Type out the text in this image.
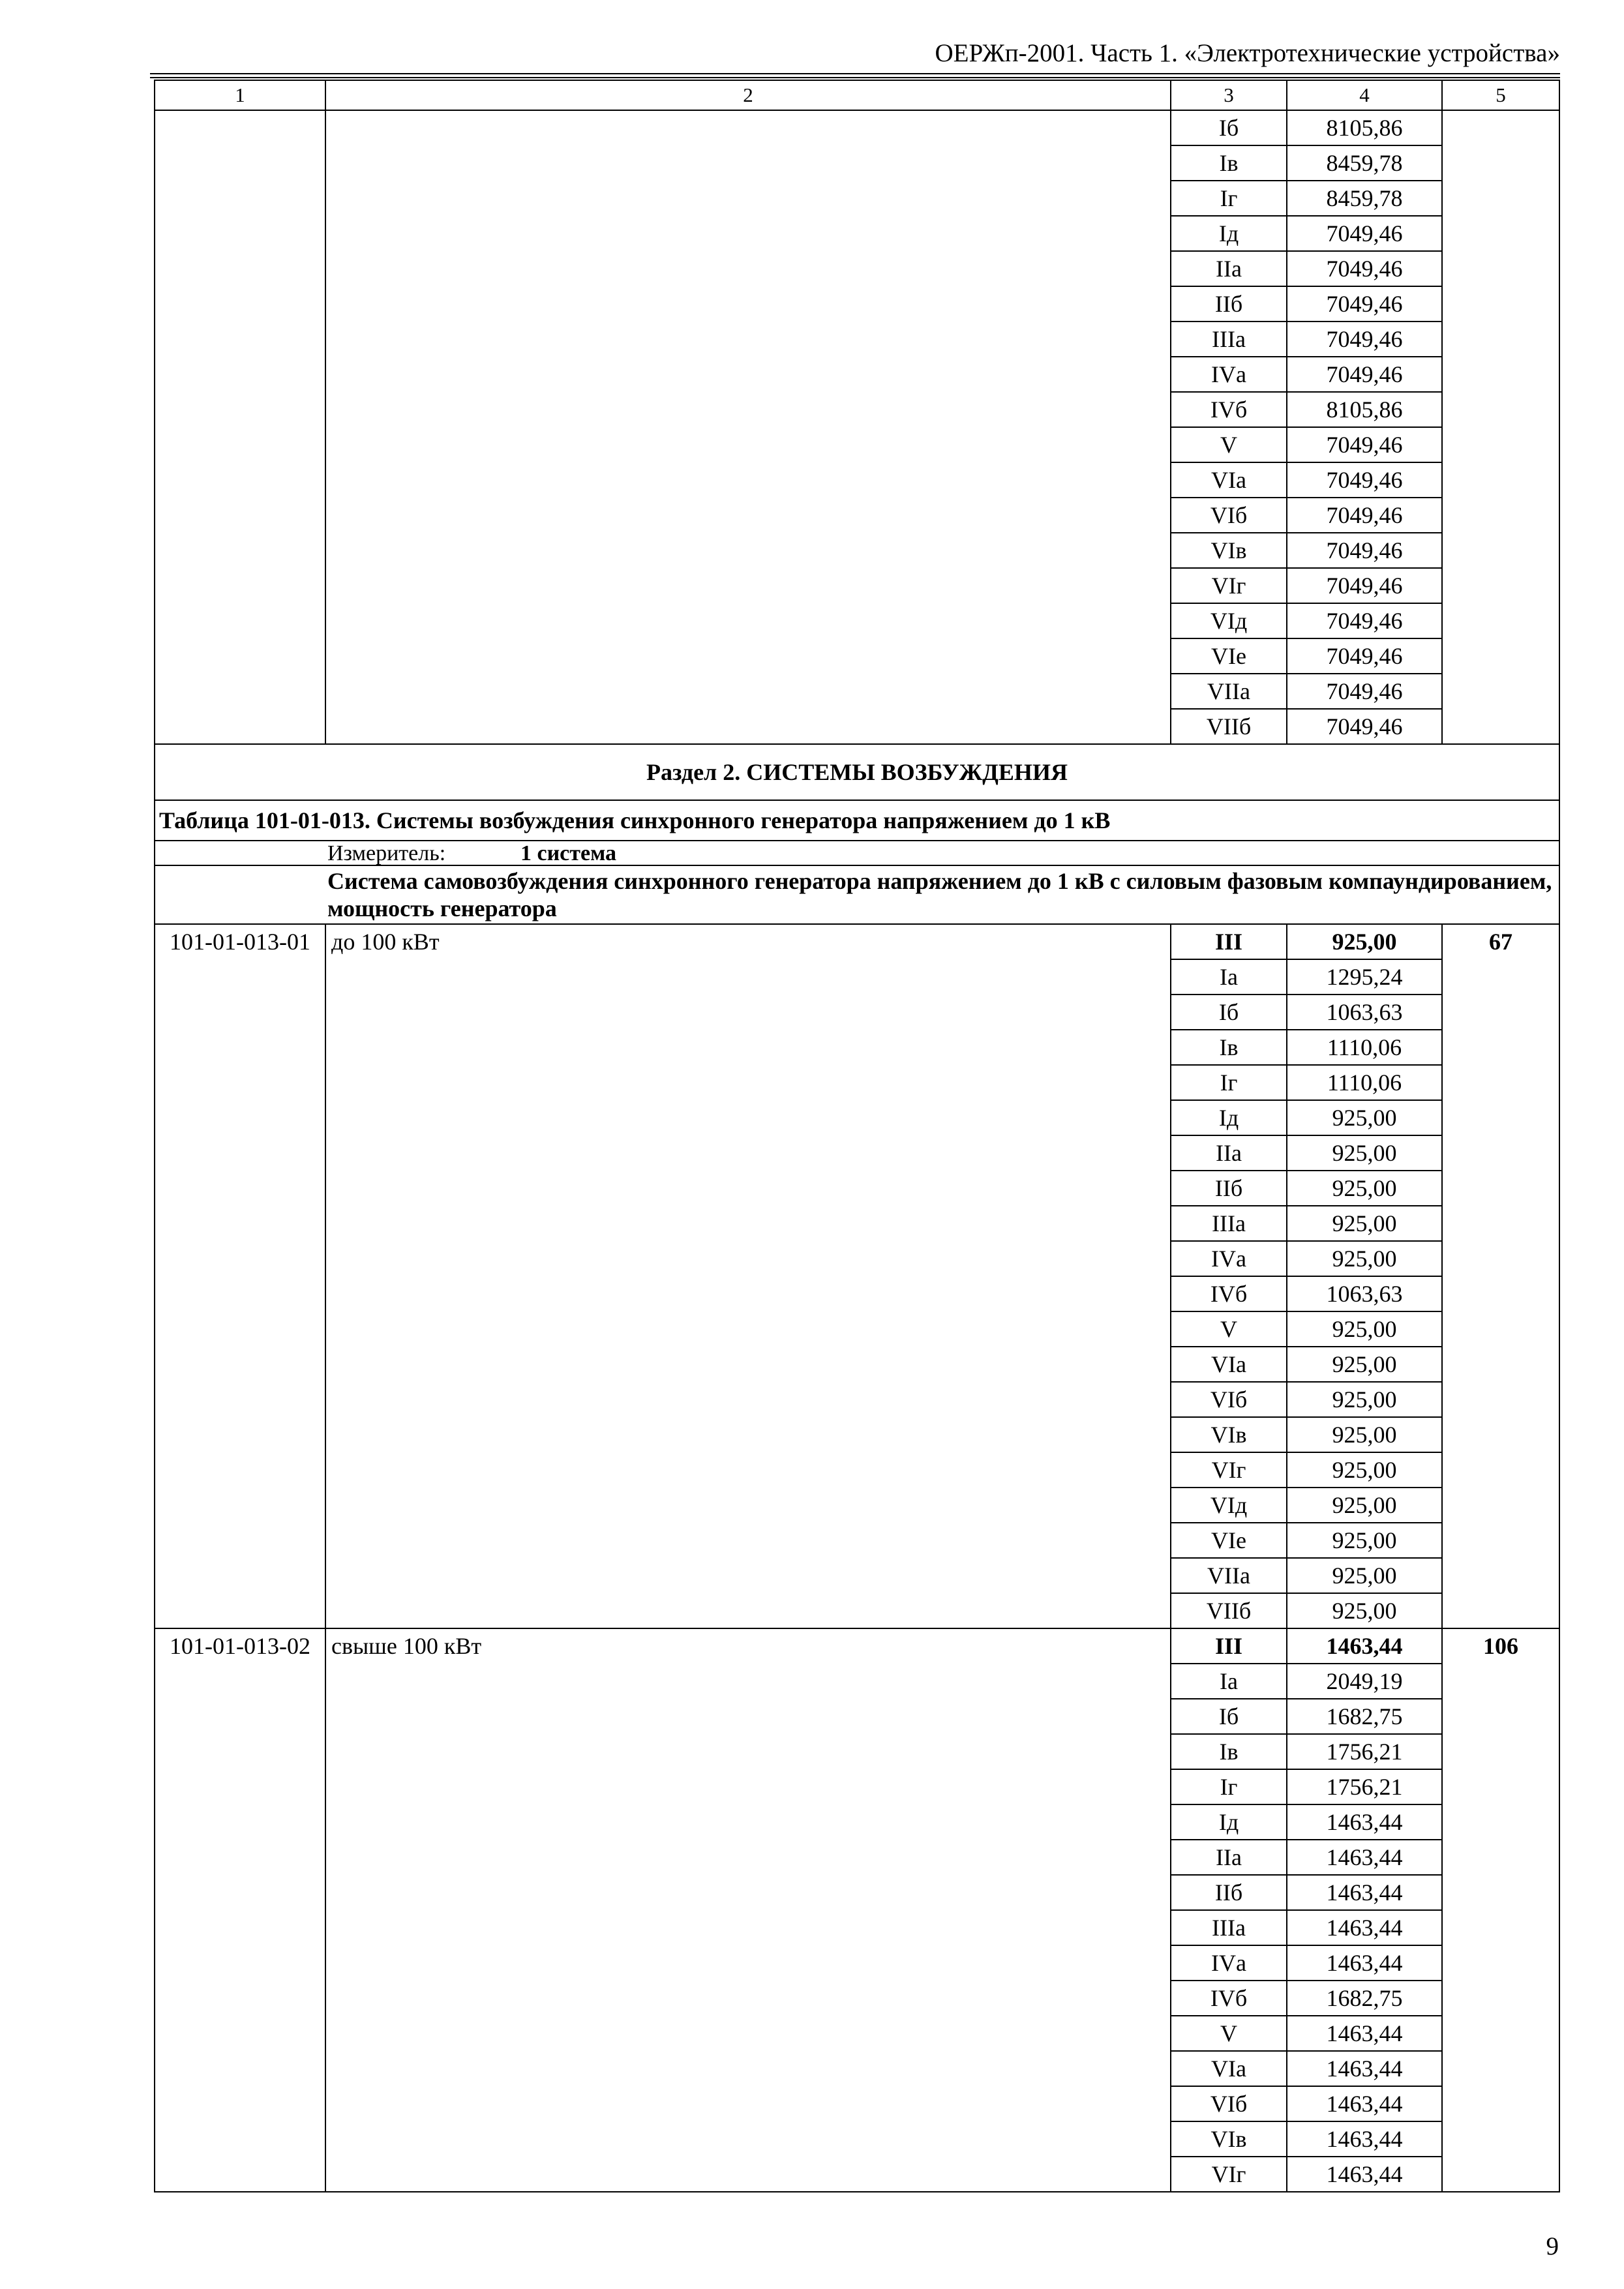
ОЕРЖп-2001. Часть 1. «Электротехнические устройства»
1	2	3	4	5
		Iб	8105,86	
		Iв	8459,78	
		Iг	8459,78	
		Iд	7049,46	
		IIа	7049,46	
		IIб	7049,46	
		IIIа	7049,46	
		IVа	7049,46	
		IVб	8105,86	
		V	7049,46	
		VIа	7049,46	
		VIб	7049,46	
		VIв	7049,46	
		VIг	7049,46	
		VIд	7049,46	
		VIе	7049,46	
		VIIа	7049,46	
		VIIб	7049,46	
Раздел 2. СИСТЕМЫ ВОЗБУЖДЕНИЯ				
Таблица 101-01-013. Системы возбуждения синхронного генератора напряжением до 1 кВ				
Измеритель: 1 система				
Система самовозбуждения синхронного генератора напряжением до 1 кВ с силовым фазовым компаундированием, мощность генератора				
101-01-013-01	до 100 кВт	III	925,00	67
		Iа	1295,24	
		Iб	1063,63	
		Iв	1110,06	
		Iг	1110,06	
		Iд	925,00	
		IIа	925,00	
		IIб	925,00	
		IIIа	925,00	
		IVа	925,00	
		IVб	1063,63	
		V	925,00	
		VIа	925,00	
		VIб	925,00	
		VIв	925,00	
		VIг	925,00	
		VIд	925,00	
		VIе	925,00	
		VIIа	925,00	
		VIIб	925,00	
101-01-013-02	свыше 100 кВт	III	1463,44	106
		Iа	2049,19	
		Iб	1682,75	
		Iв	1756,21	
		Iг	1756,21	
		Iд	1463,44	
		IIа	1463,44	
		IIб	1463,44	
		IIIа	1463,44	
		IVа	1463,44	
		IVб	1682,75	
		V	1463,44	
		VIа	1463,44	
		VIб	1463,44	
		VIв	1463,44	
		VIг	1463,44	
9
